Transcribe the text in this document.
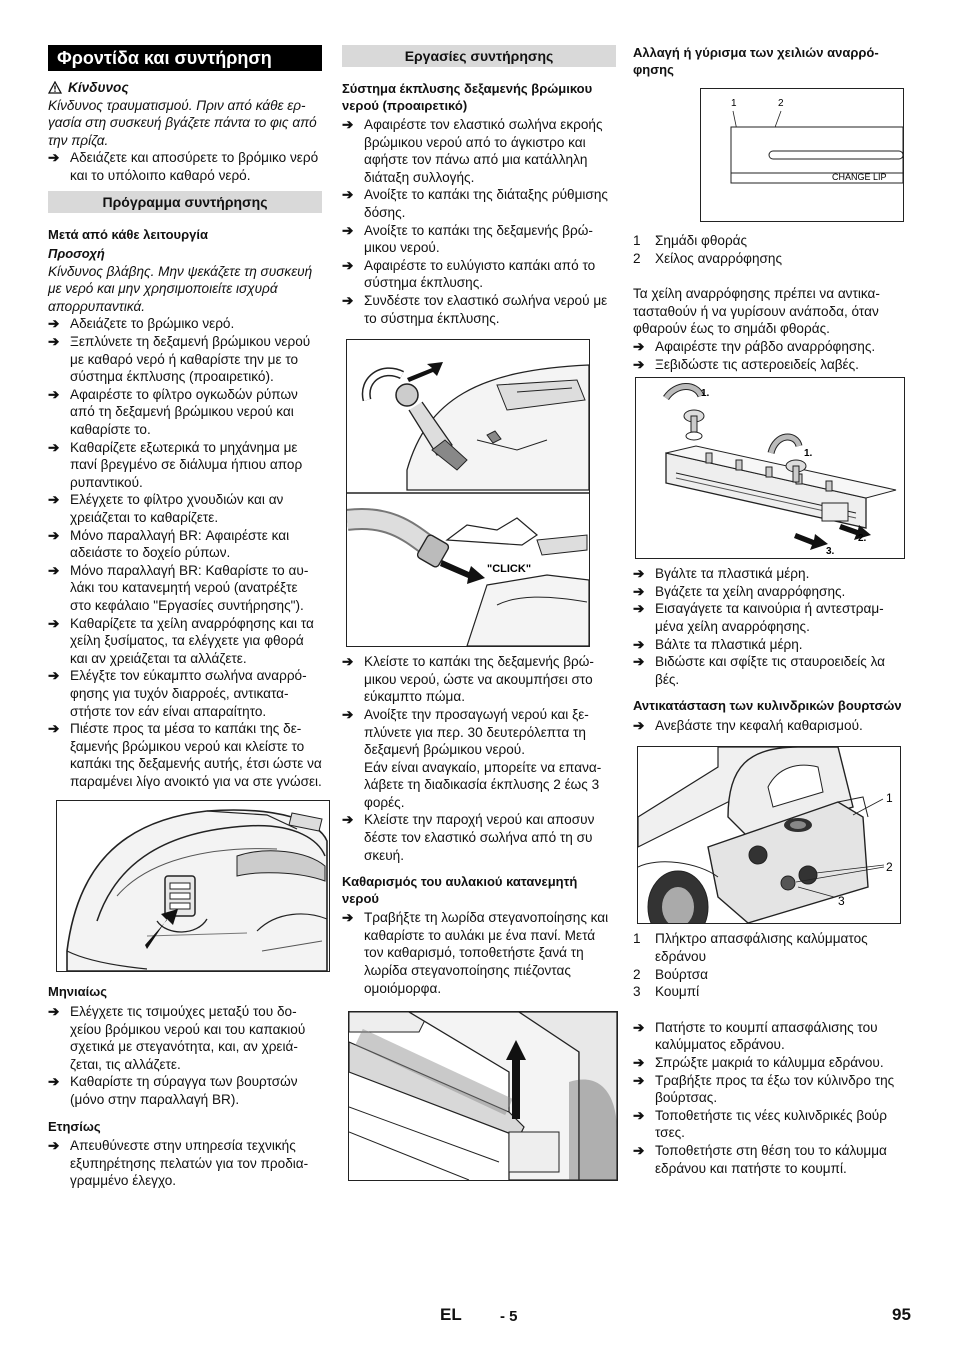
Φροντίδα και συντήρηση
Κίνδυνος

Κίνδυνος τραυματισμού. Πριν από κάθε εργασία στη συσκευή βγάζετε πάντα το φις από την πρίζα.

➔ Αδειάζετε και αποσύρετε το βρόμικο νερό και το υπόλοιπο καθαρό νερό.

Πρόγραμμα συντήρησης
Μετά από κάθε λειτουργία
Προσοχή

Κίνδυνος βλάβης. Μην ψεκάζετε τη συσκευή με νερό και μην χρησιμοποιείτε ισχυρά απορρυπαντικά.

➔ Αδειάζετε το βρώμικο νερό.

➔ Ξεπλύνετε τη δεξαμενή βρώμικου νερού με καθαρό νερό ή καθαρίστε την με το σύστημα έκπλυσης (προαιρετικό).

➔ Αφαιρέστε το φίλτρο ογκωδών ρύπων από τη δεξαμενή βρώμικου νερού και καθαρίστε το.

➔ Καθαρίζετε εξωτερικά το μηχάνημα με πανί βρεγμένο σε διάλυμα ήπιου απορ ρυπαντικού.

➔ Ελέγχετε το φίλτρο χνουδιών και αν χρειάζεται το καθαρίζετε.

➔ Μόνο παραλλαγή BR: Αφαιρέστε και αδειάστε το δοχείο ρύπων.

➔ Μόνο παραλλαγή BR: Καθαρίστε το αυλάκι του κατανεμητή νερού (ανατρέξτε στο κεφάλαιο "Εργασίες συντήρησης").

➔ Καθαρίζετε τα χείλη αναρρόφησης και τα χείλη ξυσίματος, τα ελέγχετε για φθορά και αν χρειάζεται τα αλλάζετε.

➔ Ελέγξτε τον εύκαμπτο σωλήνα αναρρόφησης για τυχόν διαρροές, αντικαταστήστε τον εάν είναι απαραίτητο.

➔ Πιέστε προς τα μέσα το καπάκι της δεξαμενής βρώμικου νερού και κλείστε το καπάκι της δεξαμενής αυτής, έτσι ώστε να παραμένει λίγο ανοικτό για να στε γνώσει.

Μηνιαίως

➔ Ελέγχετε τις τσιμούχες μεταξύ του δοχείου βρόμικου νερού και του καπακιού σχετικά με στεγανότητα, και, αν χρειάζεται, τις αλλάζετε.

➔ Καθαρίστε τη σύραγγα των βουρτσών (μόνο στην παραλλαγή BR).

Ετησίως

➔ Απευθύνεστε στην υπηρεσία τεχνικής εξυπηρέτησης πελατών για τον προδιαγραμμένο έλεγχο.

Εργασίες συντήρησης
Σύστημα έκπλυσης δεξαμενής βρώμικου νερού (προαιρετικό)

➔ Αφαιρέστε τον ελαστικό σωλήνα εκροής βρώμικου νερού από το άγκιστρο και αφήστε τον πάνω από μια κατάλληλη διάταξη συλλογής.

➔ Ανοίξτε το καπάκι της διάταξης ρύθμισης δόσης.

➔ Ανοίξτε το καπάκι της δεξαμενής βρώμικου νερού.

➔ Αφαιρέστε το ευλύγιστο καπάκι από το σύστημα έκπλυσης.

➔ Συνδέστε τον ελαστικό σωλήνα νερού με το σύστημα έκπλυσης.

"CLICK"

➔ Κλείστε το καπάκι της δεξαμενής βρώμικου νερού, ώστε να ακουμπήσει στο εύκαμπτο πώμα.

➔ Ανοίξτε την προσαγωγή νερού και ξεπλύνετε για περ. 30 δευτερόλεπτα τη δεξαμενή βρώμικου νερού.

Εάν είναι αναγκαίο, μπορείτε να επαναλάβετε τη διαδικασία έκπλυσης 2 έως 3 φορές.

➔ Κλείστε την παροχή νερού και αποσυν δέστε τον ελαστικό σωλήνα από τη συ σκευή.

Καθαρισμός του αυλακιού κατανεμητή νερού

➔ Τραβήξτε τη λωρίδα στεγανοποίησης και καθαρίστε το αυλάκι με ένα πανί. Μετά τον καθαρισμό, τοποθετήστε ξανά τη λωρίδα στεγανοποίησης πιέζοντας ομοιόμορφα.

Αλλαγή ή γύρισμα των χειλιών αναρρόφησης
1	2
CHANGE LIP
1	Σημάδι φθοράς
2	Χείλος αναρρόφησης

Τα χείλη αναρρόφησης πρέπει να αντικατασταθούν ή να γυρίσουν ανάποδα, όταν φθαρούν έως το σημάδι φθοράς.

➔ Αφαιρέστε την ράβδο αναρρόφησης.

➔ Ξεβιδώστε τις αστεροειδείς λαβές.

1.
1.
2.
3.

➔ Βγάλτε τα πλαστικά μέρη.

➔ Βγάζετε τα χείλη αναρρόφησης.

➔ Εισαγάγετε τα καινούρια ή αντεστραμμένα χείλη αναρρόφησης.

➔ Βάλτε τα πλαστικά μέρη.

➔ Βιδώστε και σφίξτε τις σταυροειδείς λα βές.

Αντικατάσταση των κυλινδρικών βουρτσών

➔ Ανεβάστε την κεφαλή καθαρισμού.

1
2
3
1	Πλήκτρο απασφάλισης καλύμματος εδράνου
2	Βούρτσα
3	Κουμπί

➔ Πατήστε το κουμπί απασφάλισης του καλύμματος εδράνου.

➔ Σπρώξτε μακριά το κάλυμμα εδράνου.

➔ Τραβήξτε προς τα έξω τον κύλινδρο της βούρτσας.

➔ Τοποθετήστε τις νέες κυλινδρικές βούρ τσες.

➔ Τοποθετήστε στη θέση του το κάλυμμα εδράνου και πατήστε το κουμπί.

EL	- 5	95
